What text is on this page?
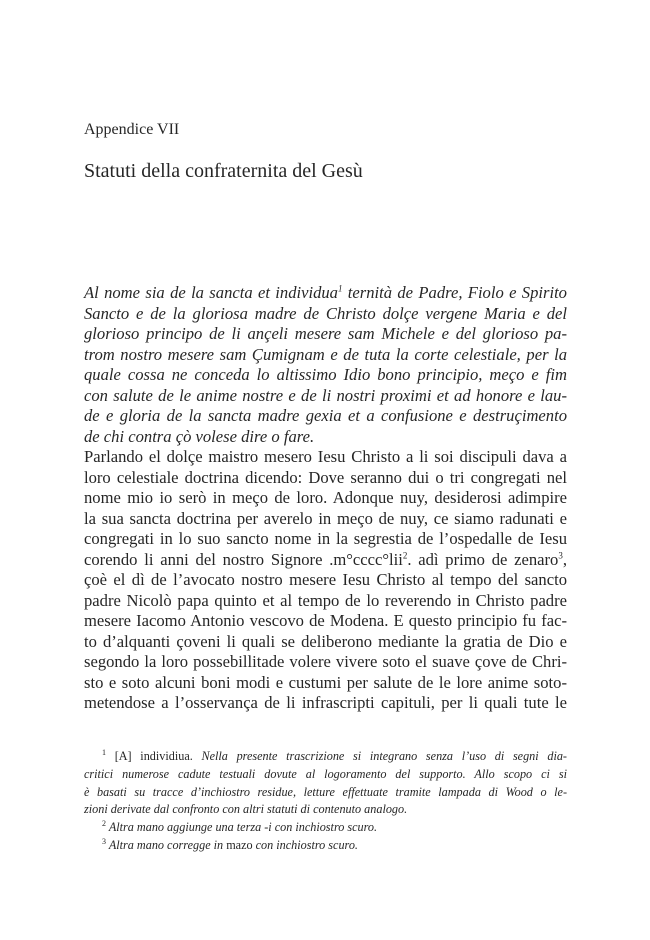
Appendice VII
Statuti della confraternita del Gesù
Al nome sia de la sancta et individua$^1$ ternità de Padre, Fiolo e Spirito
Sancto e de la gloriosa madre de Christo dolçe vergene Maria e del
glorioso principo de li ançeli mesere sam Michele e del glorioso pa-
trom nostro mesere sam Çumignam e de tuta la corte celestiale, per la
quale cossa ne conceda lo altissimo Idio bono principio, meço e fim
con salute de le anime nostre e de li nostri proximi et ad honore e lau-
de e gloria de la sancta madre gexia et a confusione e destruçimento
de chi contra çò volese dire o fare.
Parlando el dolçe maistro mesero Iesu Christo a li soi discipuli dava a
loro celestiale doctrina dicendo: Dove seranno dui o tri congregati nel
nome mio io serò in meço de loro. Adonque nuy, desiderosi adimpire
la sua sancta doctrina per averelo in meço de nuy, ce siamo radunati e
congregati in lo suo sancto nome in la segrestia de l’ospedalle de Iesu
corendo li anni del nostro Signore .m°cccc°lii$^2$. adì primo de zenaro$^3$,
çoè el dì de l’avocato nostro mesere Iesu Christo al tempo del sancto
padre Nicolò papa quinto et al tempo de lo reverendo in Christo padre
mesere Iacomo Antonio vescovo de Modena. E questo principio fu fac-
to d’alquanti çoveni li quali se deliberono mediante la gratia de Dio e
segondo la loro possebillitade volere vivere soto el suave çove de Chri-
sto e soto alcuni boni modi e custumi per salute de le lore anime soto-
metendose a l’osservança de li infrascripti capituli, per li quali tute le
$^1$ [A] individiua. Nella presente trascrizione si integrano senza l’uso di segni dia-
critici numerose cadute testuali dovute al logoramento del supporto. Allo scopo ci si
è basati su tracce d’inchiostro residue, letture effettuate tramite lampada di Wood o le-
zioni derivate dal confronto con altri statuti di contenuto analogo.
$^2$ Altra mano aggiunge una terza -i con inchiostro scuro.
$^3$ Altra mano corregge in mazo con inchiostro scuro.
